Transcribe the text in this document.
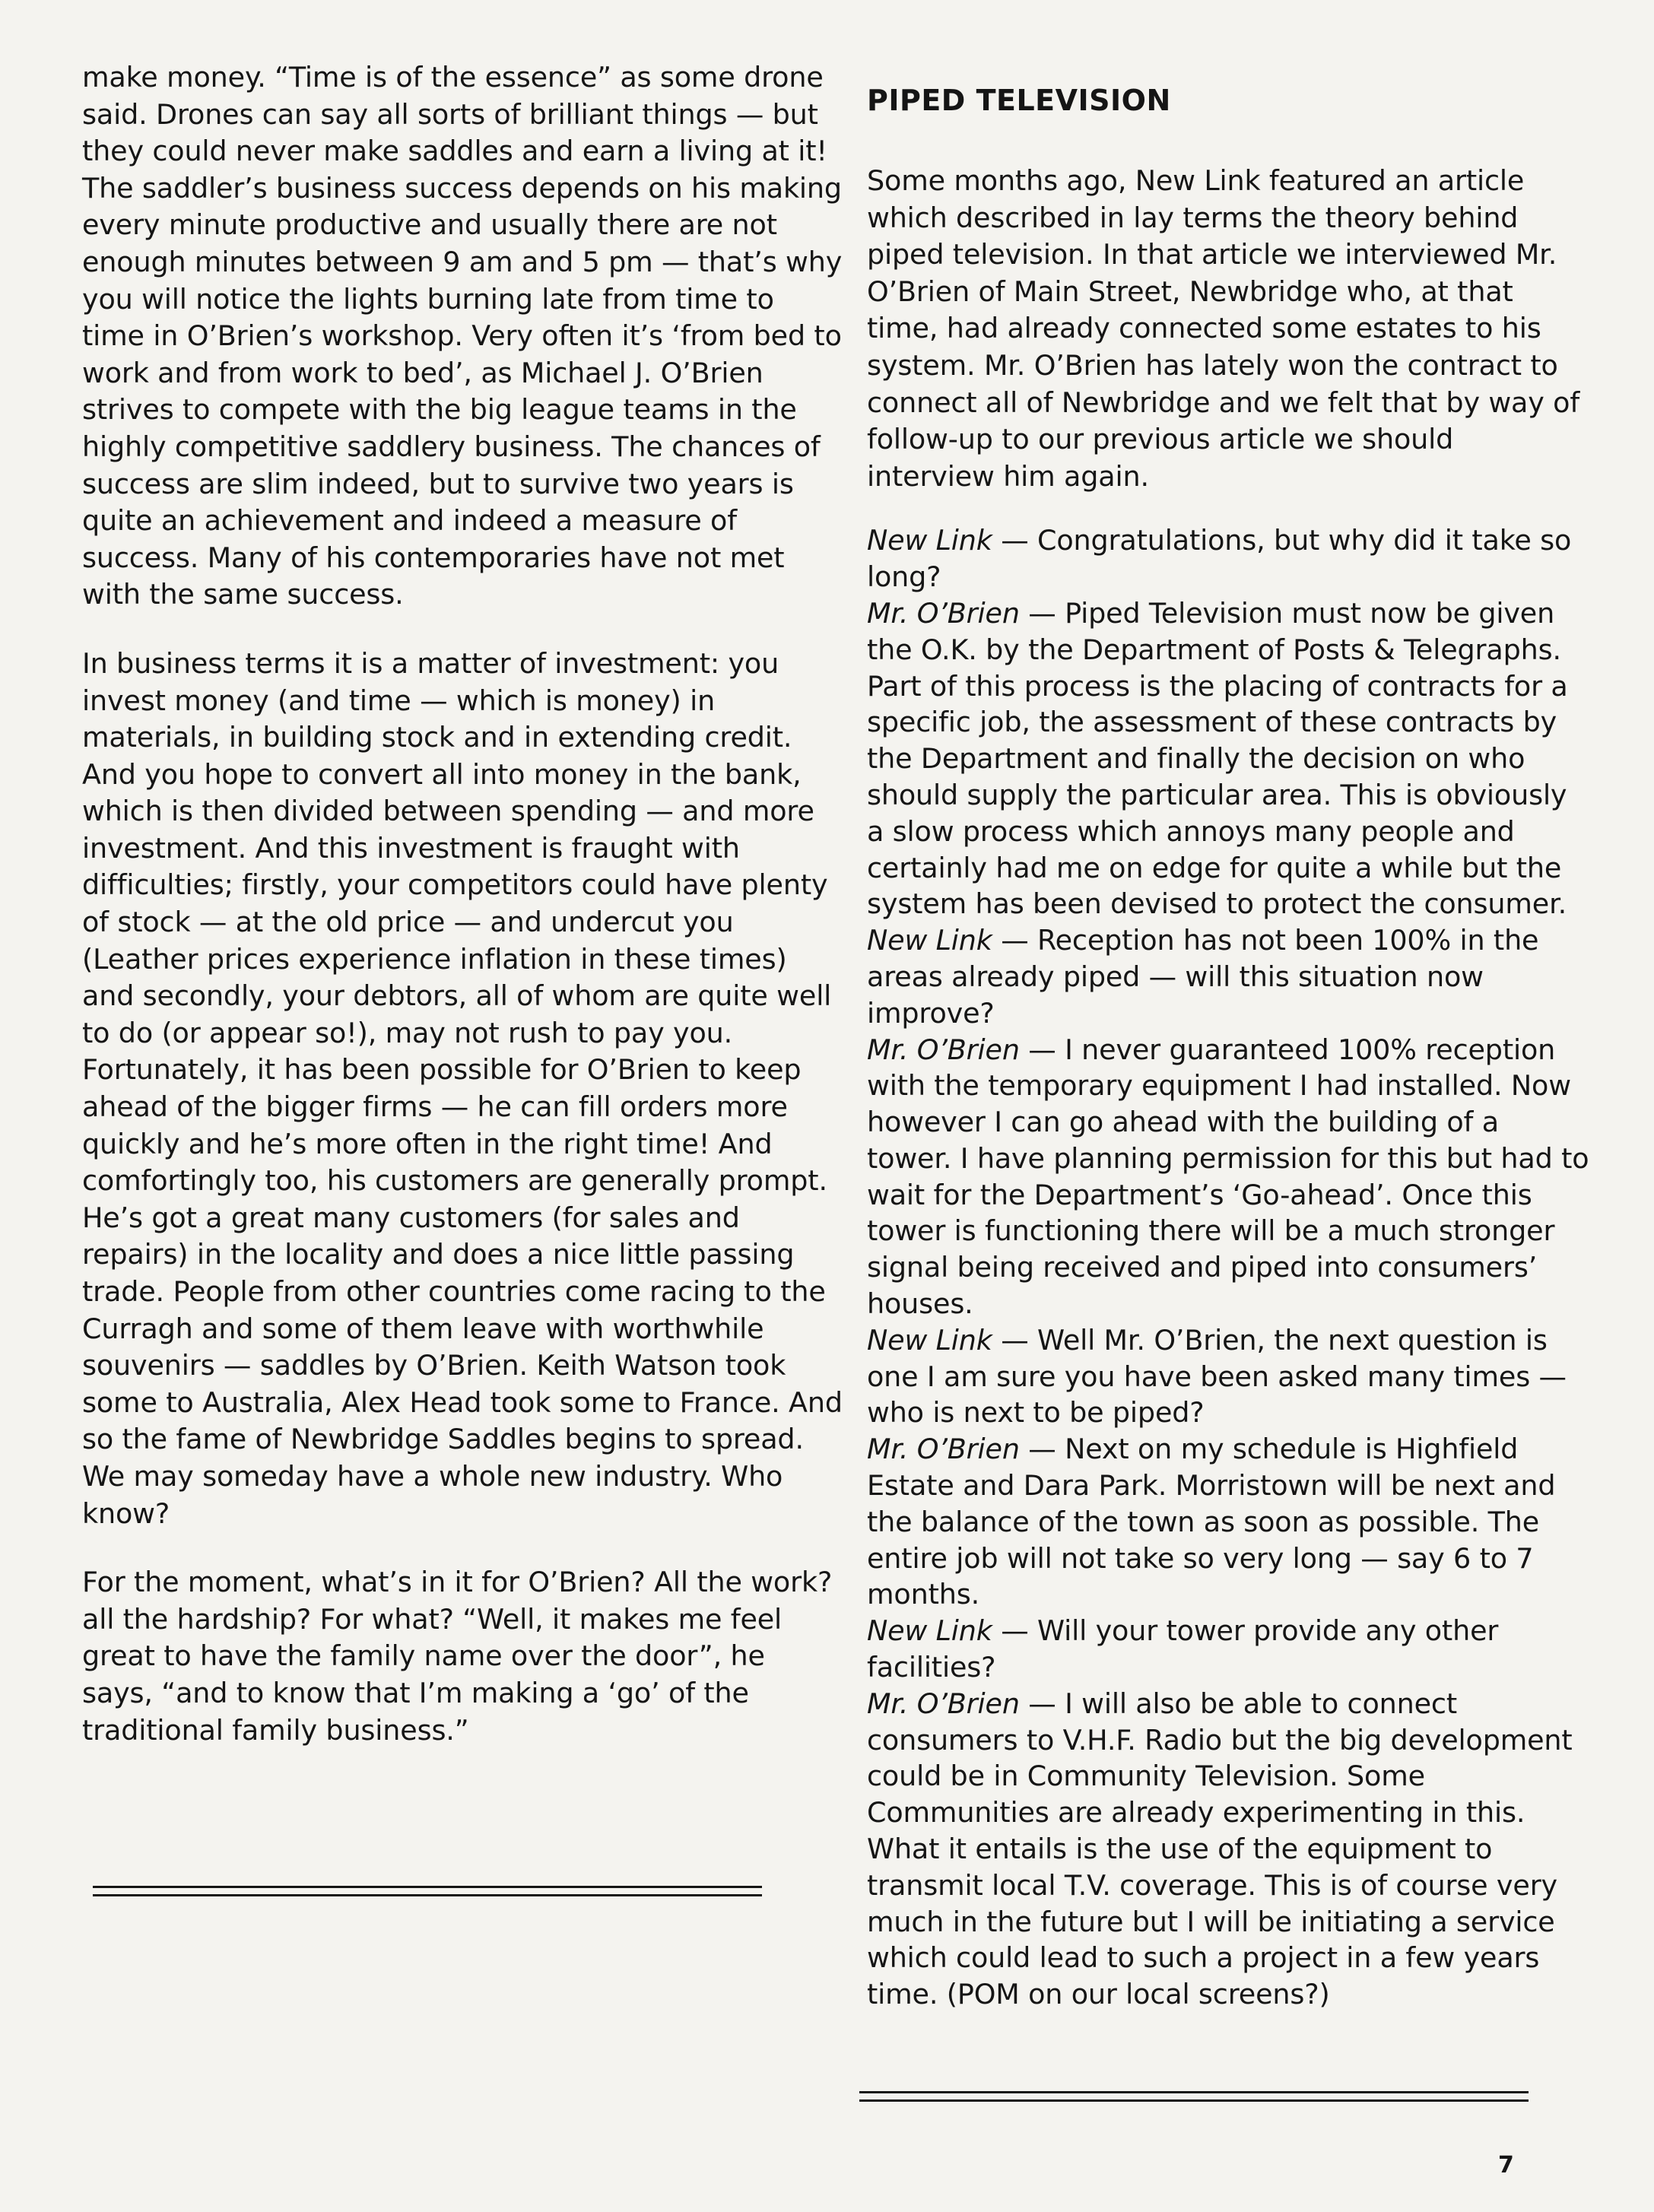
make money. “Time is of the essence” as some drone said. Drones can say all sorts of brilliant things — but they could never make saddles and earn a living at it! The saddler’s business success depends on his making every minute productive and usually there are not enough minutes between 9 am and 5 pm — that’s why you will notice the lights burning late from time to time in O’Brien’s workshop. Very often it’s ‘from bed to work and from work to bed’, as Michael J. O’Brien strives to compete with the big league teams in the highly competitive saddlery business. The chances of success are slim indeed, but to survive two years is quite an achievement and indeed a measure of success. Many of his contemporaries have not met with the same success.

In business terms it is a matter of investment: you invest money (and time — which is money) in materials, in building stock and in extending credit. And you hope to convert all into money in the bank, which is then divided between spending — and more investment. And this investment is fraught with difficulties; firstly, your competitors could have plenty of stock — at the old price — and undercut you (Leather prices experience inflation in these times) and secondly, your debtors, all of whom are quite well to do (or appear so!), may not rush to pay you. Fortunately, it has been possible for O’Brien to keep ahead of the bigger firms — he can fill orders more quickly and he’s more often in the right time! And comfortingly too, his customers are generally prompt. He’s got a great many customers (for sales and repairs) in the locality and does a nice little passing trade. People from other countries come racing to the Curragh and some of them leave with worthwhile souvenirs — saddles by O’Brien. Keith Watson took some to Australia, Alex Head took some to France. And so the fame of Newbridge Saddles begins to spread. We may someday have a whole new industry. Who know?

For the moment, what’s in it for O’Brien? All the work? all the hardship? For what? “Well, it makes me feel great to have the family name over the door”, he says, “and to know that I’m making a ‘go’ of the traditional family business.”

PIPED TELEVISION

Some months ago, New Link featured an article which described in lay terms the theory behind piped television. In that article we interviewed Mr. O’Brien of Main Street, Newbridge who, at that time, had already connected some estates to his system. Mr. O’Brien has lately won the contract to connect all of Newbridge and we felt that by way of follow-up to our previous article we should interview him again.

New Link — Congratulations, but why did it take so long?

Mr. O’Brien — Piped Television must now be given the O.K. by the Department of Posts & Telegraphs. Part of this process is the placing of contracts for a specific job, the assessment of these contracts by the Department and finally the decision on who should supply the particular area. This is obviously a slow process which annoys many people and certainly had me on edge for quite a while but the system has been devised to protect the consumer.

New Link — Reception has not been 100% in the areas already piped — will this situation now improve?

Mr. O’Brien — I never guaranteed 100% reception with the temporary equipment I had installed. Now however I can go ahead with the building of a tower. I have planning permission for this but had to wait for the Department’s ‘Go-ahead’. Once this tower is functioning there will be a much stronger signal being received and piped into consumers’ houses.

New Link — Well Mr. O’Brien, the next question is one I am sure you have been asked many times — who is next to be piped?

Mr. O’Brien — Next on my schedule is Highfield Estate and Dara Park. Morristown will be next and the balance of the town as soon as possible. The entire job will not take so very long — say 6 to 7 months.

New Link — Will your tower provide any other facilities?

Mr. O’Brien — I will also be able to connect consumers to V.H.F. Radio but the big development could be in Community Television. Some Communities are already experimenting in this. What it entails is the use of the equipment to transmit local T.V. coverage. This is of course very much in the future but I will be initiating a service which could lead to such a project in a few years time. (POM on our local screens?)

7
